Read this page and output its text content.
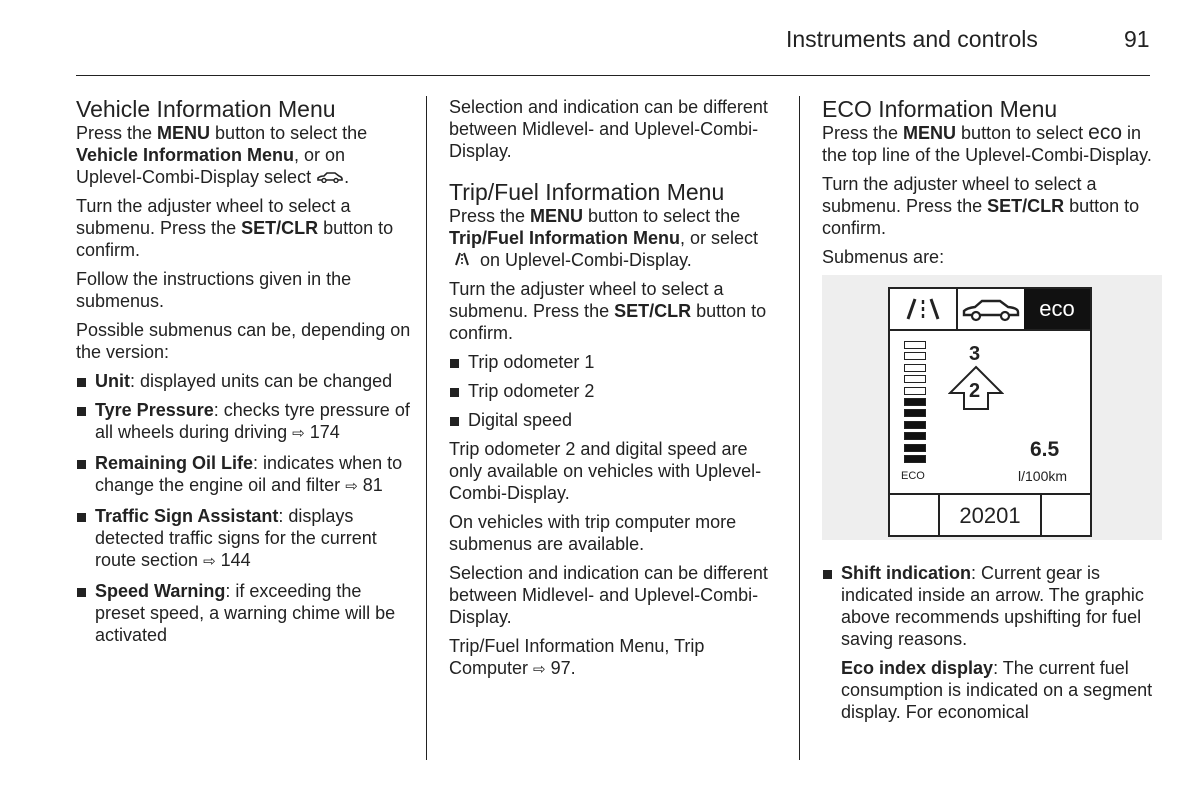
Instruments and controls	91
Vehicle Information Menu

Press the MENU button to select the Vehicle Information Menu, or on Uplevel-Combi-Display select .

Turn the adjuster wheel to select a submenu. Press the SET/CLR button to confirm.

Follow the instructions given in the submenus.

Possible submenus can be, depending on the version:

Unit: displayed units can be changed
Tyre Pressure: checks tyre pressure of all wheels during driving ⇨ 174
Remaining Oil Life: indicates when to change the engine oil and filter ⇨ 81
Traffic Sign Assistant: displays detected traffic signs for the current route section ⇨ 144
Speed Warning: if exceeding the preset speed, a warning chime will be activated

Selection and indication can be different between Midlevel- and Uplevel-Combi-Display.

Trip/Fuel Information Menu

Press the MENU button to select the Trip/Fuel Information Menu, or select  on Uplevel-Combi-Display.

Turn the adjuster wheel to select a submenu. Press the SET/CLR button to confirm.

Trip odometer 1
Trip odometer 2
Digital speed

Trip odometer 2 and digital speed are only available on vehicles with Uplevel-Combi-Display.

On vehicles with trip computer more submenus are available.

Selection and indication can be different between Midlevel- and Uplevel-Combi-Display.

Trip/Fuel Information Menu, Trip Computer ⇨ 97.

ECO Information Menu

Press the MENU button to select eco in the top line of the Uplevel-Combi-Display.

Turn the adjuster wheel to select a submenu. Press the SET/CLR button to confirm.

Submenus are:

eco
ECO
3
2
6.5
l/100km
20201
Shift indication: Current gear is indicated inside an arrow. The graphic above recommends upshifting for fuel saving reasons.

Eco index display: The current fuel consumption is indicated on a segment display. For economical
